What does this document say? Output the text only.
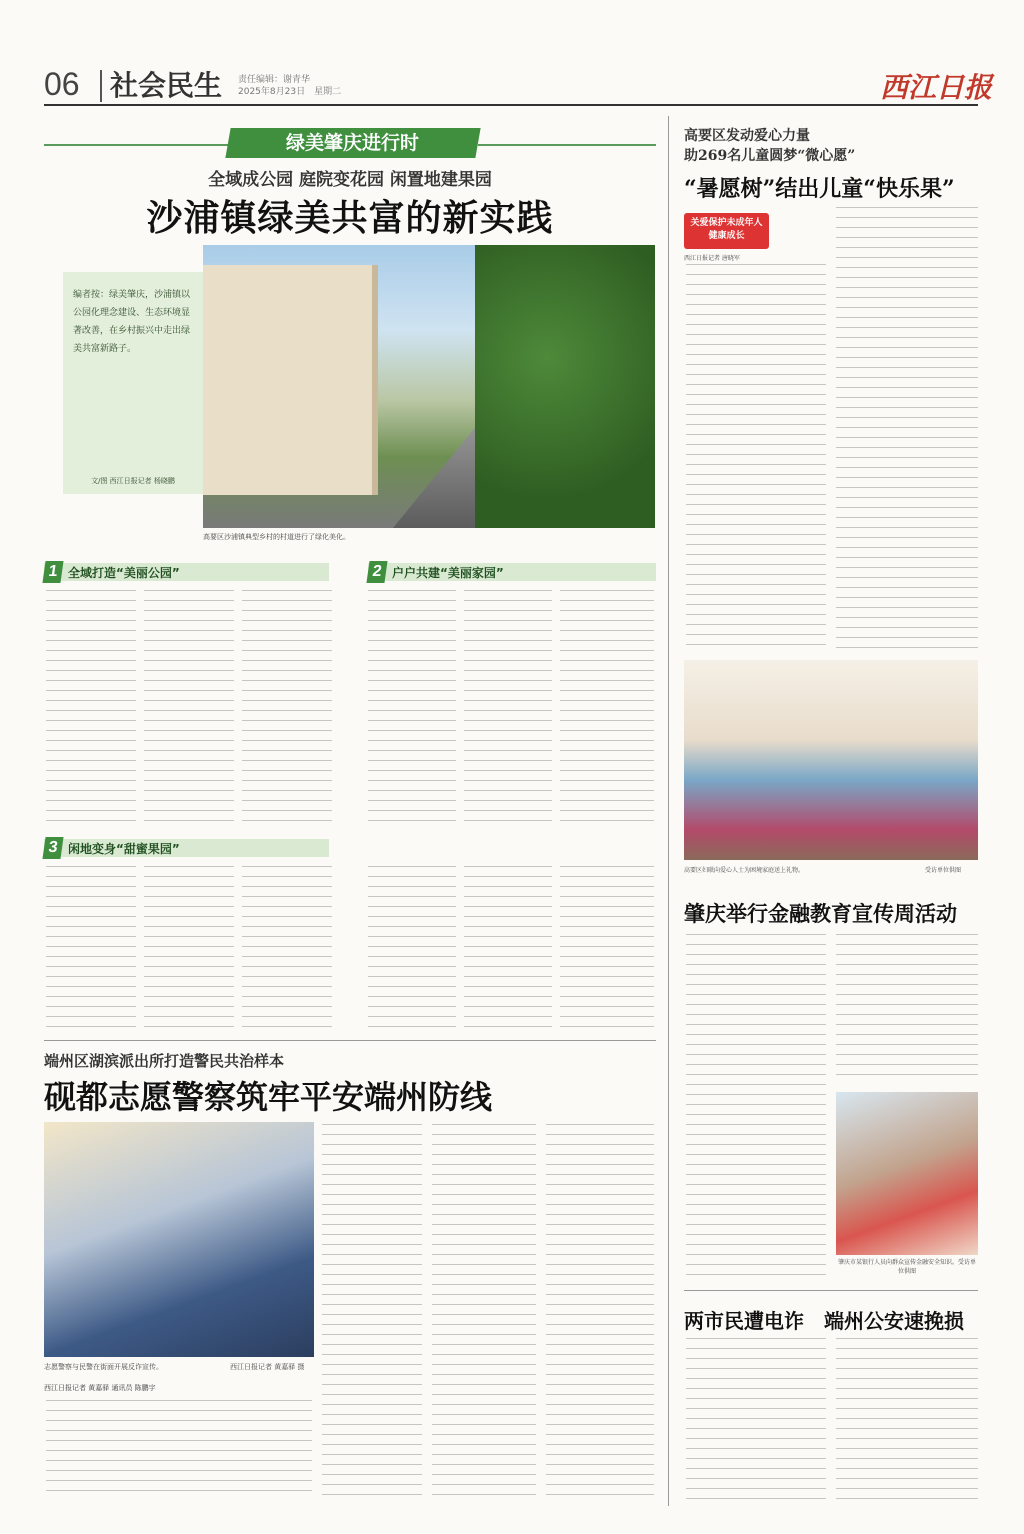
06	社会民生 责任编辑：谢青华
2025年8月23日　星期二	西江日报
绿美肇庆进行时
全域成公园 庭院变花园 闲置地建果园
沙浦镇绿美共富的新实践
编者按：绿美肇庆，沙浦镇以公园化理念建设、生态环境显著改善，在乡村振兴中走出绿美共富新路子。
文/图 西江日报记者 杨晓鹏
高要区沙浦镇典型乡村的村道进行了绿化美化。
1 全域打造“美丽公园”	2 户户共建“美丽家园”
3 闲地变身“甜蜜果园”
端州区湖滨派出所打造警民共治样本
砚都志愿警察筑牢平安端州防线
志愿警察与民警在街面开展反诈宣传。	西江日报记者 黄嘉驿 摄
西江日报记者 黄嘉驿 通讯员 陈鹏宇
高要区发动爱心力量
助269名儿童圆梦“微心愿”
“暑愿树”结出儿童“快乐果”
关爱保护未成年人
健康成长
西江日报记者 唐晓军
高要区妇联向爱心人士为困境家庭送上礼物。	受访单位供图
肇庆举行金融教育宣传周活动
肇庆市某银行人员向群众宣传金融安全知识。受访单位供图
两市民遭电诈　端州公安速挽损
